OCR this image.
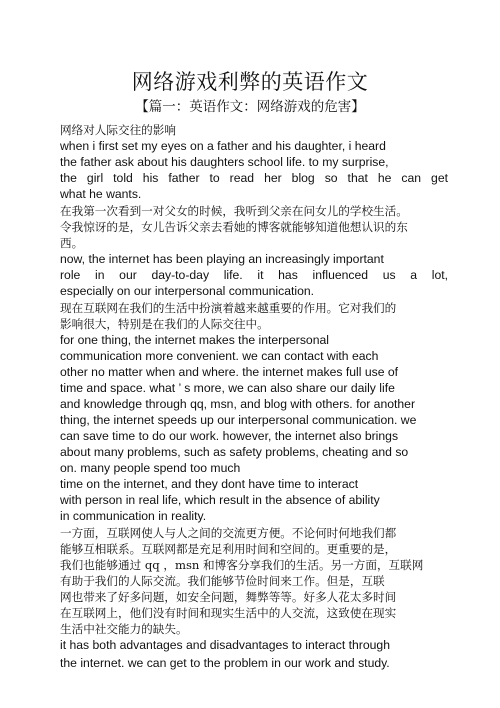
网络游戏利弊的英语作文
【篇一：英语作文：网络游戏的危害】
网络对人际交往的影响
when i first set my eyes on a father and his daughter, i heard
the father ask about his daughters school life. to my surprise,
the girl told his father to read her blog so that he can get
what he wants.
在我第一次看到一对父女的时候，我听到父亲在问女儿的学校生活。
令我惊讶的是，女儿告诉父亲去看她的博客就能够知道他想认识的东
西。
now, the internet has been playing an increasingly important
role in our day-to-day life. it has influenced us a lot,
especially on our interpersonal communication.
现在互联网在我们的生活中扮演着越来越重要的作用。它对我们的
影响很大，特别是在我们的人际交往中。
for one thing, the internet makes the interpersonal
communication more convenient. we can contact with each
other no matter when and where. the internet makes full use of
time and space. what ’ s more, we can also share our daily life
and knowledge through qq, msn, and blog with others. for another
thing, the internet speeds up our interpersonal communication. we
can save time to do our work. however, the internet also brings
about many problems, such as safety problems, cheating and so
on. many people spend too much
time on the internet, and they dont have time to interact
with person in real life, which result in the absence of ability
in communication in reality.
一方面，互联网使人与人之间的交流更方便。不论何时何地我们都
能够互相联系。互联网都是充足利用时间和空间的。更重要的是，
我们也能够通过 qq ，msn 和博客分享我们的生活。另一方面，互联网
有助于我们的人际交流。我们能够节俭时间来工作。但是，互联
网也带来了好多问题，如安全问题，舞弊等等。好多人花太多时间
在互联网上，他们没有时间和现实生活中的人交流，这致使在现实
生活中社交能力的缺失。
it has both advantages and disadvantages to interact through
the internet. we can get to the problem in our work and study.
